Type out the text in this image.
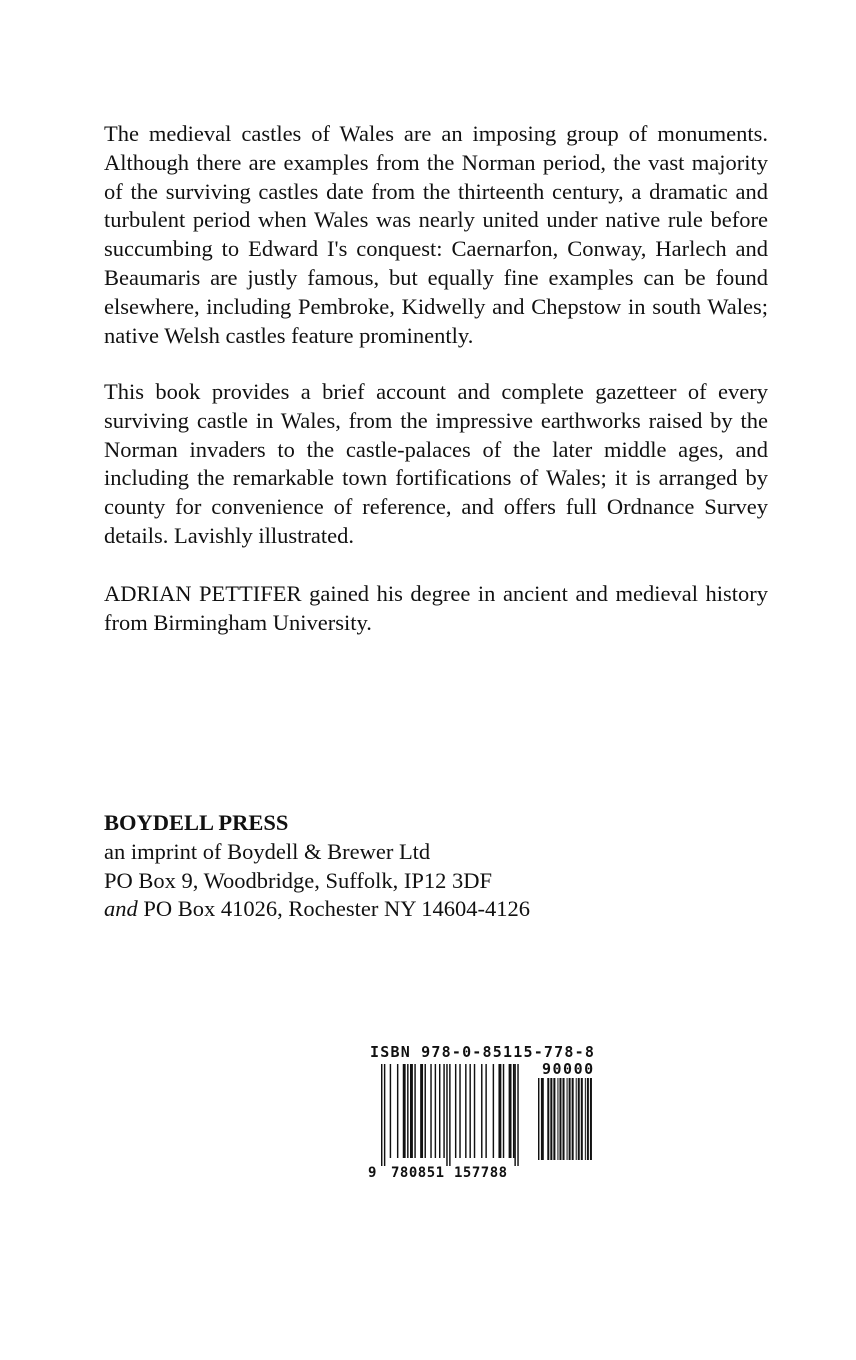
The medieval castles of Wales are an imposing group of monuments. Although there are examples from the Norman period, the vast majority of the surviving castles date from the thirteenth century, a dramatic and turbulent period when Wales was nearly united under native rule before succumbing to Edward I's conquest: Caernarfon, Conway, Harlech and Beaumaris are justly famous, but equally fine examples can be found elsewhere, including Pembroke, Kidwelly and Chepstow in south Wales; native Welsh castles feature prominently.

This book provides a brief account and complete gazetteer of every surviving castle in Wales, from the impressive earthworks raised by the Norman invaders to the castle-palaces of the later middle ages, and including the remarkable town fortifications of Wales; it is arranged by county for convenience of reference, and offers full Ordnance Survey details. Lavishly illustrated.

ADRIAN PETTIFER gained his degree in ancient and medieval history from Birmingham University.

BOYDELL PRESS
an imprint of Boydell & Brewer Ltd
PO Box 9, Woodbridge, Suffolk, IP12 3DF
and PO Box 41026, Rochester NY 14604-4126
ISBN 978-0-85115-778-8
90000
9 780851 157788
